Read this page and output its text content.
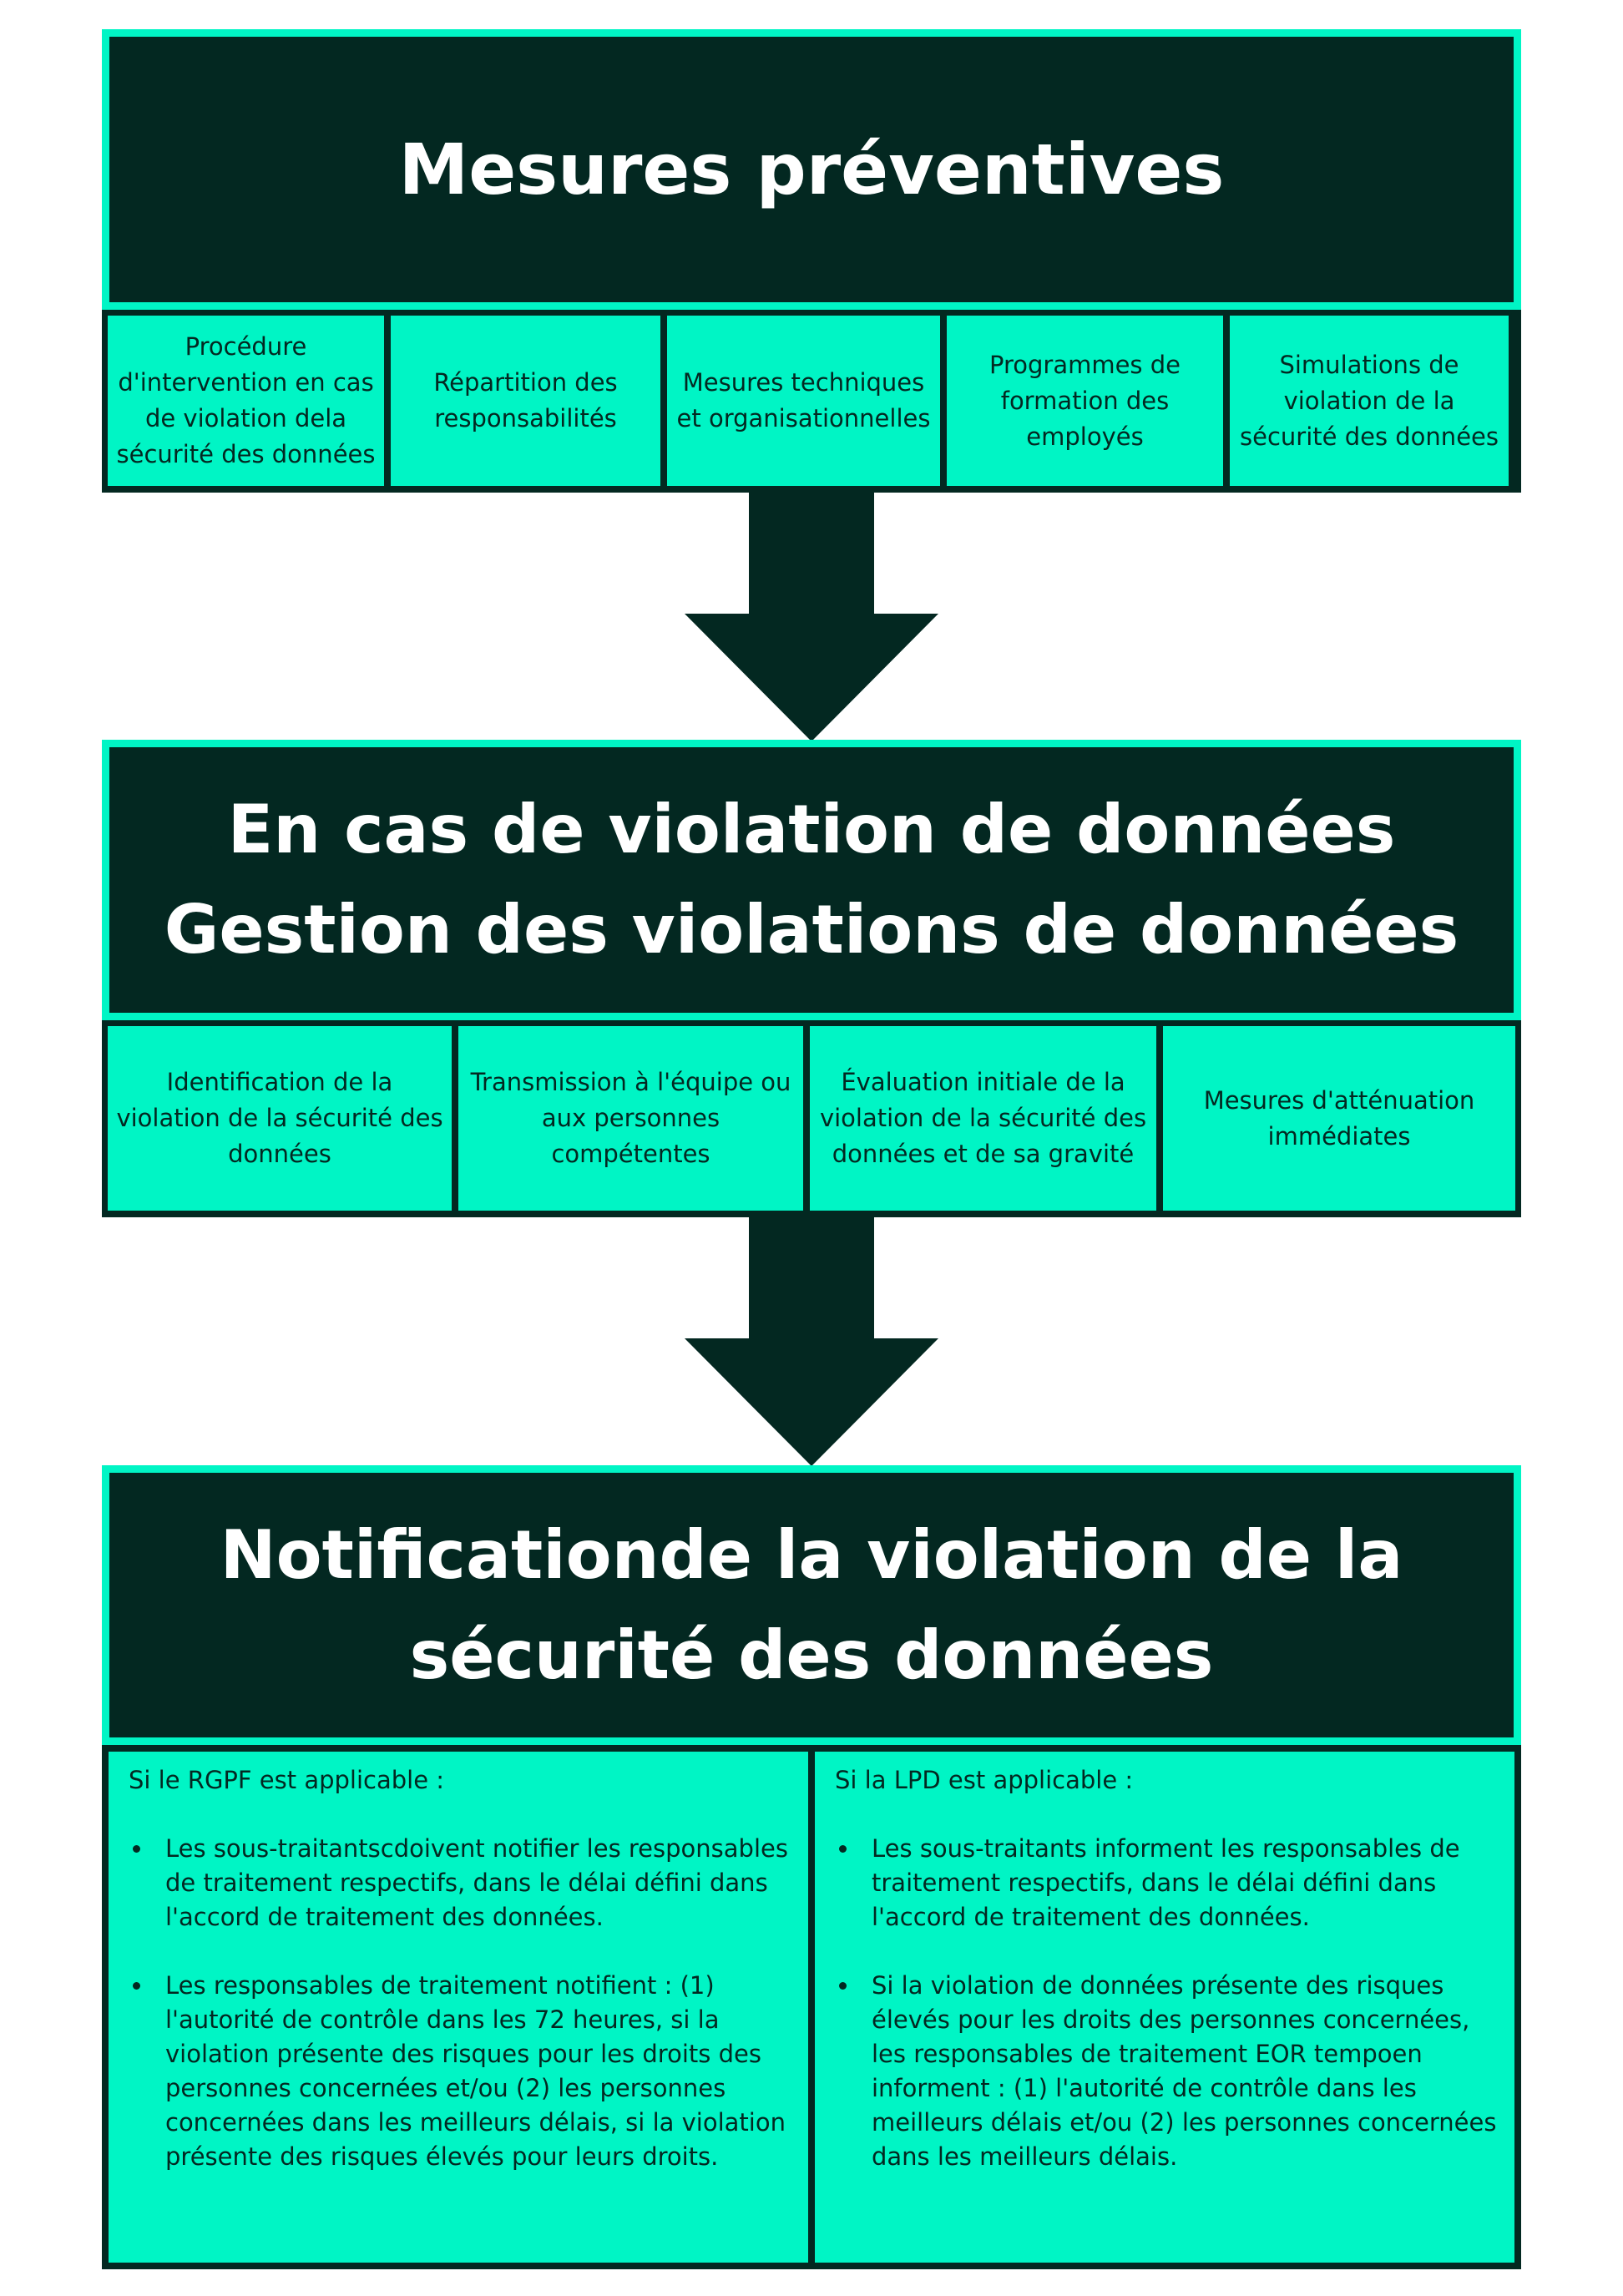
Mesures préventives
Procédure d'intervention en cas de violation dela sécurité des données
Répartition des responsabilités
Mesures techniques et organisationnelles
Programmes de formation des employés
Simulations de violation de la sécurité des données
En cas de violation de données
Gestion des violations de données
Identification de la violation de la sécurité des données
Transmission à l'équipe ou aux personnes compétentes
Évaluation initiale de la violation de la sécurité des données et de sa gravité
Mesures d'atténuation immédiates
Notificationde la violation de la
sécurité des données

Si le RGPF est applicable :

• Les sous-traitantscdoivent notifier les responsables de traitement respectifs, dans le délai défini dans l'accord de traitement des données.
• Les responsables de traitement notifient : (1) l'autorité de contrôle dans les 72 heures, si la violation présente des risques pour les droits des personnes concernées et/ou (2) les personnes concernées dans les meilleurs délais, si la violation présente des risques élevés pour leurs droits.

Si la LPD est applicable :

• Les sous-traitants informent les responsables de traitement respectifs, dans le délai défini dans l'accord de traitement des données.
• Si la violation de données présente des risques élevés pour les droits des personnes concernées, les responsables de traitement EOR tempoen informent : (1) l'autorité de contrôle dans les meilleurs délais et/ou (2) les personnes concernées dans les meilleurs délais.
